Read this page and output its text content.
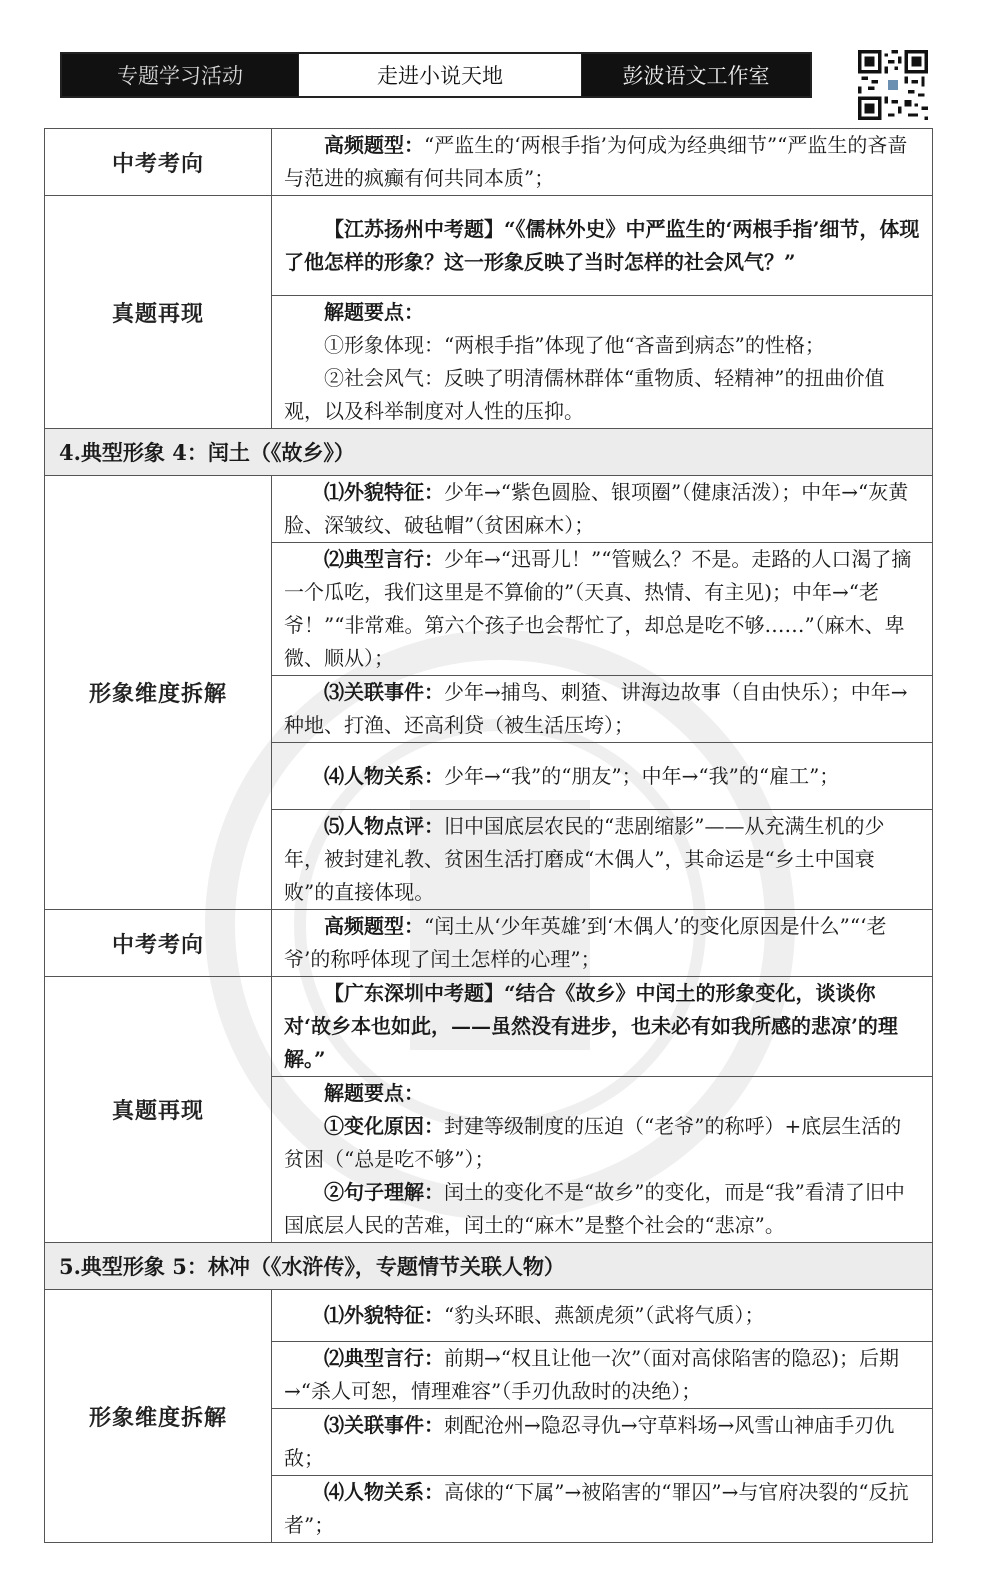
专题学习活动	走进小说天地	彭波语文工作室
中考考向	高频题型：“严监生的‘两根手指’为何成为经典细节”“严监生的吝啬与范进的疯癫有何共同本质”；

真题再现	【江苏扬州中考题】“《儒林外史》中严监生的‘两根手指’细节，体现了他怎样的形象？这一形象反映了当时怎样的社会风气？”

	解题要点：

①形象体现：“两根手指”体现了他“吝啬到病态”的性格；

②社会风气：反映了明清儒林群体“重物质、轻精神”的扭曲价值观，以及科举制度对人性的压抑。

4.典型形象 4：闰土（《故乡》）	
形象维度拆解	⑴外貌特征：少年→“紫色圆脸、银项圈”（健康活泼）；中年→“灰黄脸、深皱纹、破毡帽”（贫困麻木）；

	⑵典型言行：少年→“迅哥儿！”“管贼么？不是。走路的人口渴了摘一个瓜吃，我们这里是不算偷的”（天真、热情、有主见)；中年→“老爷！”“非常难。第六个孩子也会帮忙了，却总是吃不够……”（麻木、卑微、顺从）；

	⑶关联事件：少年→捕鸟、刺猹、讲海边故事（自由快乐）；中年→种地、打渔、还高利贷（被生活压垮）；

	⑷人物关系：少年→“我”的“朋友”；中年→“我”的“雇工”；

	⑸人物点评：旧中国底层农民的“悲剧缩影”——从充满生机的少年，被封建礼教、贫困生活打磨成“木偶人”，其命运是“乡土中国衰败”的直接体现。

中考考向	高频题型：“闰土从‘少年英雄’到‘木偶人’的变化原因是什么”“‘老爷’的称呼体现了闰土怎样的心理”；

真题再现	【广东深圳中考题】“结合《故乡》中闰土的形象变化，谈谈你对‘故乡本也如此，——虽然没有进步，也未必有如我所感的悲凉’的理解。”

	解题要点：

①变化原因：封建等级制度的压迫（“老爷”的称呼）+底层生活的贫困（“总是吃不够”）；

②句子理解：闰土的变化不是“故乡”的变化，而是“我”看清了旧中国底层人民的苦难，闰土的“麻木”是整个社会的“悲凉”。

5.典型形象 5：林冲（《水浒传》，专题情节关联人物）	
形象维度拆解	⑴外貌特征：“豹头环眼、燕颔虎须”（武将气质）；

	⑵典型言行：前期→“权且让他一次”（面对高俅陷害的隐忍)；后期→“杀人可恕，情理难容”（手刃仇敌时的决绝）；

	⑶关联事件：刺配沧州→隐忍寻仇→守草料场→风雪山神庙手刃仇敌；

	⑷人物关系：高俅的“下属”→被陷害的“罪囚”→与官府决裂的“反抗者”；
